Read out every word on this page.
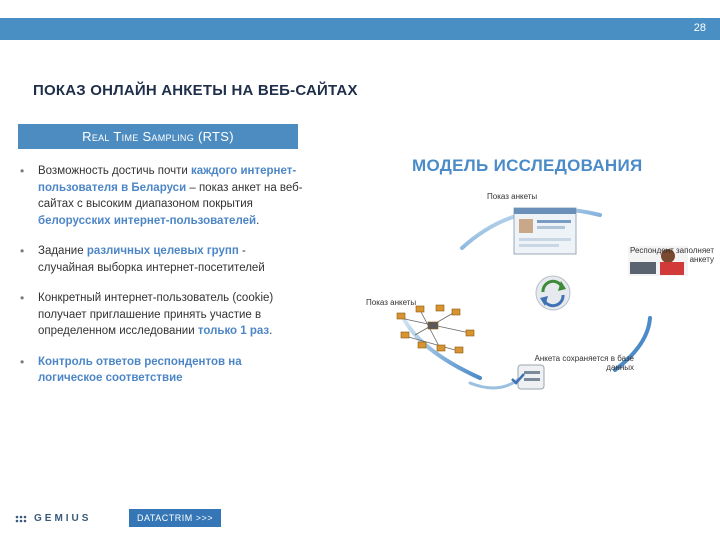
28
ПОКАЗ ОНЛАЙН АНКЕТЫ НА ВЕБ-САЙТАХ
Real Time Sampling (RTS)
• Возможность достичь почти каждого интернет-пользователя в Беларуси – показ анкет на веб-сайтах с высоким диапазоном покрытия белорусских интернет-пользователей.
• Задание различных целевых групп - случайная выборка интернет-посетителей
• Конкретный интернет-пользователь (cookie) получает приглашение принять участие в определенном исследовании только 1 раз.
• Контроль ответов респондентов на логическое соответствие
МОДЕЛЬ ИССЛЕДОВАНИЯ
Показ анкеты
Респондент заполняет анкету
Показ анкеты
Анкета сохраняется в базе данных
GEMIUS	DATACTRIM >>>
